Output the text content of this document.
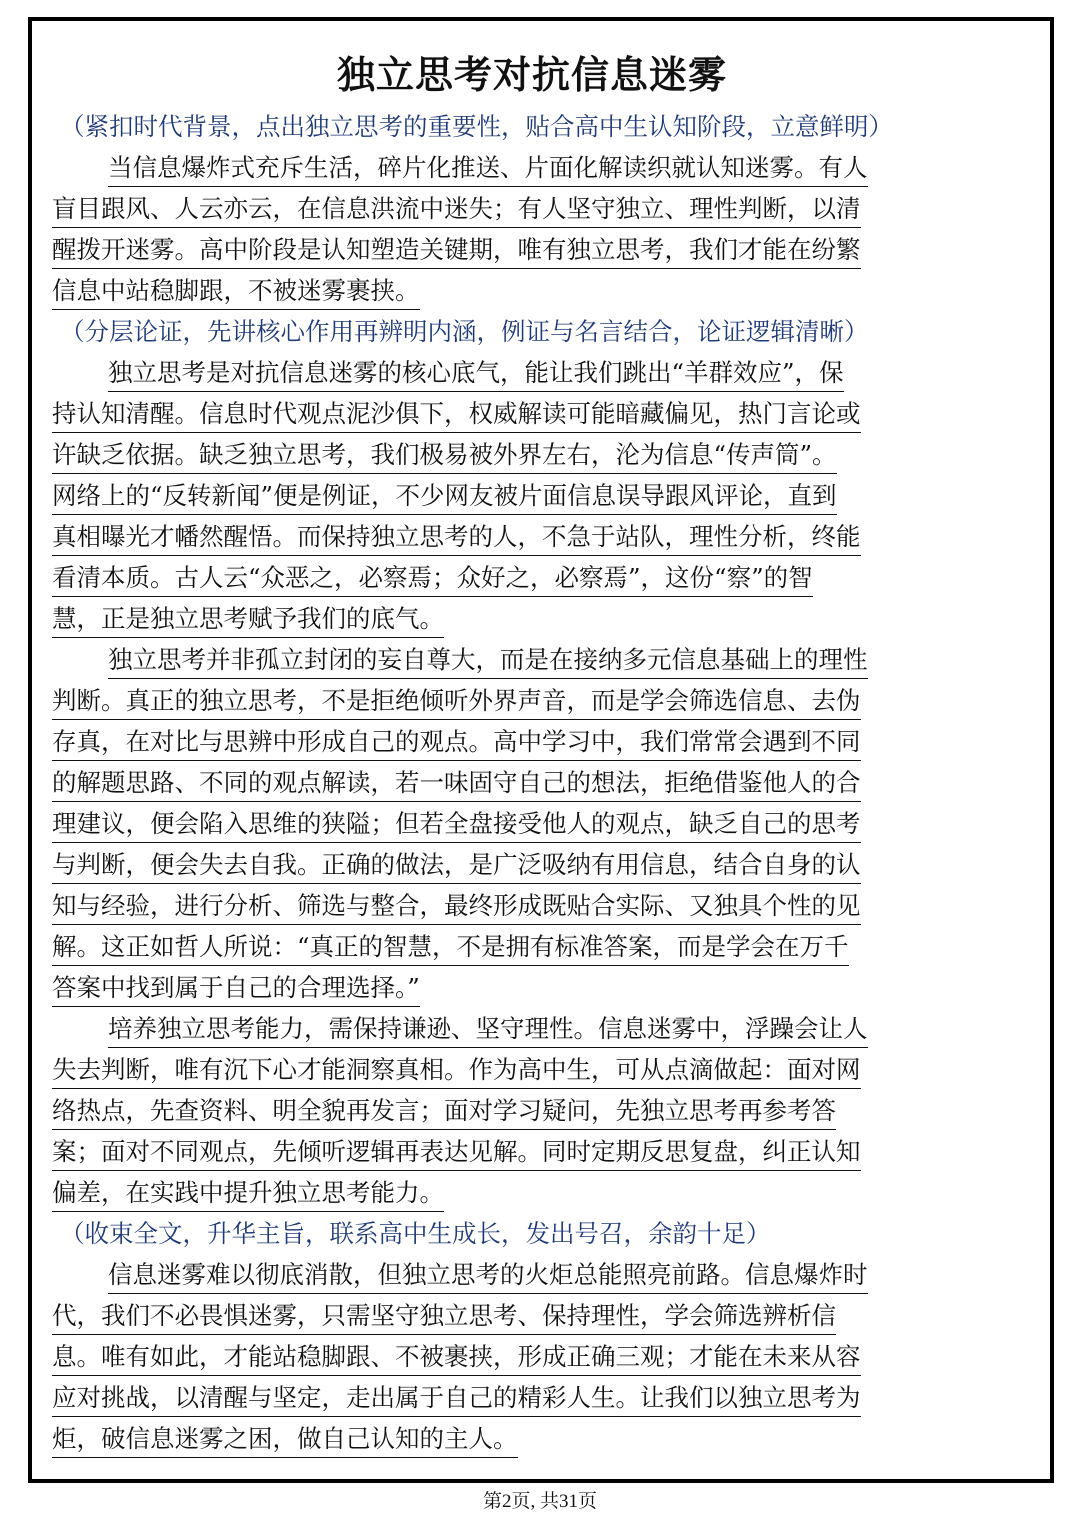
独立思考对抗信息迷雾

（紧扣时代背景，点出独立思考的重要性，贴合高中生认知阶段，立意鲜明）

当信息爆炸式充斥生活，碎片化推送、片面化解读织就认知迷雾。有人
盲目跟风、人云亦云，在信息洪流中迷失；有人坚守独立、理性判断，以清
醒拨开迷雾。高中阶段是认知塑造关键期，唯有独立思考，我们才能在纷繁
信息中站稳脚跟，不被迷雾裹挟。

（分层论证，先讲核心作用再辨明内涵，例证与名言结合，论证逻辑清晰）

独立思考是对抗信息迷雾的核心底气，能让我们跳出“羊群效应”，保
持认知清醒。信息时代观点泥沙俱下，权威解读可能暗藏偏见，热门言论或
许缺乏依据。缺乏独立思考，我们极易被外界左右，沦为信息“传声筒”。
网络上的“反转新闻”便是例证，不少网友被片面信息误导跟风评论，直到
真相曝光才幡然醒悟。而保持独立思考的人，不急于站队，理性分析，终能
看清本质。古人云“众恶之，必察焉；众好之，必察焉”，这份“察”的智
慧，正是独立思考赋予我们的底气。
独立思考并非孤立封闭的妄自尊大，而是在接纳多元信息基础上的理性
判断。真正的独立思考，不是拒绝倾听外界声音，而是学会筛选信息、去伪
存真，在对比与思辨中形成自己的观点。高中学习中，我们常常会遇到不同
的解题思路、不同的观点解读，若一味固守自己的想法，拒绝借鉴他人的合
理建议，便会陷入思维的狭隘；但若全盘接受他人的观点，缺乏自己的思考
与判断，便会失去自我。正确的做法，是广泛吸纳有用信息，结合自身的认
知与经验，进行分析、筛选与整合，最终形成既贴合实际、又独具个性的见
解。这正如哲人所说：“真正的智慧，不是拥有标准答案，而是学会在万千
答案中找到属于自己的合理选择。”
培养独立思考能力，需保持谦逊、坚守理性。信息迷雾中，浮躁会让人
失去判断，唯有沉下心才能洞察真相。作为高中生，可从点滴做起：面对网
络热点，先查资料、明全貌再发言；面对学习疑问，先独立思考再参考答
案；面对不同观点，先倾听逻辑再表达见解。同时定期反思复盘，纠正认知
偏差，在实践中提升独立思考能力。

（收束全文，升华主旨，联系高中生成长，发出号召，余韵十足）

信息迷雾难以彻底消散，但独立思考的火炬总能照亮前路。信息爆炸时
代，我们不必畏惧迷雾，只需坚守独立思考、保持理性，学会筛选辨析信
息。唯有如此，才能站稳脚跟、不被裹挟，形成正确三观；才能在未来从容
应对挑战，以清醒与坚定，走出属于自己的精彩人生。让我们以独立思考为
炬，破信息迷雾之困，做自己认知的主人。
第2页, 共31页
